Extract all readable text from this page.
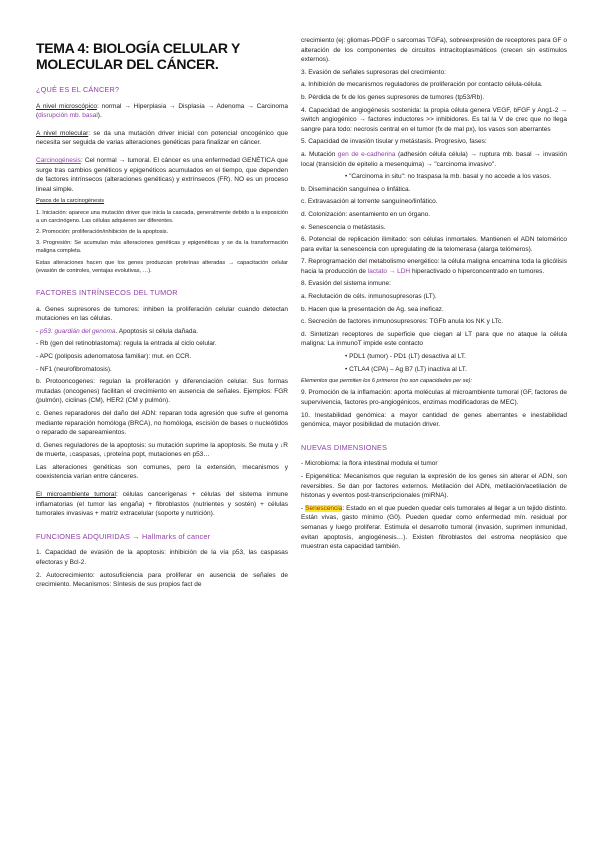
TEMA 4: BIOLOGÍA CELULAR Y
MOLECULAR DEL CÁNCER.
¿QUÉ ES EL CÁNCER?

A nivel microscópico: normal → Hiperplasia → Displasia → Adenoma → Carcinoma (disrupción mb. basal).

A nivel molecular: se da una mutación driver inicial con potencial oncogénico que necesita ser seguida de varias alteraciones genéticas para finalizar en cáncer.

Carcinogénesis: Cel normal → tumoral. El cáncer es una enfermedad GENÉTICA que surge tras cambios genéticos y epigenéticos acumulados en el tiempo, que dependen de factores intrínsecos (alteraciones genéticas) y extrínsecos (FR). NO es un proceso lineal simple.

Pasos de la carcinogénesis

1. Iniciación: aparece una mutación driver que inicia la cascada, generalmente debido a la exposición a un carcinógeno. Las células adquieren ser diferentes.

2. Promoción: proliferación/inhibición de la apoptosis.

3. Progresión: Se acumulan más alteraciones genéticas y epigenéticas y se da la transformación maligna completa.

Estas alteraciones hacen que los genes produzcan proteínas alteradas → capacitación celular (evasión de controles, ventajas evolutivas, …).

FACTORES INTRÍNSECOS DEL TUMOR

a. Genes supresores de tumores: inhiben la proliferación celular cuando detectan mutaciones en las células.

- p53: guardián del genoma. Apoptosis si célula dañada.

- Rb (gen del retinoblastoma): regula la entrada al ciclo celular.

- APC (poliposis adenomatosa familiar): mut. en CCR.

- NF1 (neurofibromatosis).

b. Protooncogenes: regulan la proliferación y diferenciación celular. Sus formas mutadas (oncogenes) facilitan el crecimiento en ausencia de señales. Ejemplos: FGR (pulmón), ciclinas (CM), HER2 (CM y pulmón).

c. Genes reparadores del daño del ADN: reparan toda agresión que sufre el genoma mediante reparación homóloga (BRCA), no homóloga, escisión de bases o nucleótidos o reparado de sapareamientos.

d. Genes reguladores de la apoptosis: su mutación suprime la apoptosis. Se muta y ↓R de muerte, ↓caspasas, ↓proteína popt, mutaciones en p53…

Las alteraciones genéticas son comunes, pero la extensión, mecanismos y coexistencia varían entre cánceres.

El microambiente tumoral: células cancerígenas + células del sistema inmune inflamatorias (el tumor las engaña) + fibroblastos (nutrientes y sostén) + células tumorales invasivas + matriz extracelular (soporte y nutrición).

FUNCIONES ADQUIRIDAS → Hallmarks of cancer

1. Capacidad de evasión de la apoptosis: inhibición de la vía p53, las caspasas efectoras y Bcl-2.

2. Autocrecimiento: autosuficiencia para proliferar en ausencia de señales de crecimiento. Mecanismos: Síntesis de sus propios fact de

crecimiento (ej: gliomas-PDGF o sarcomas TGFa), sobreexpresión de receptores para GF o alteración de los componentes de circuitos intracitoplasmáticos (crecen sin estímulos externos).

3. Evasión de señales supresoras del crecimiento:

a. Inhibición de mecanismos reguladores de proliferación por contacto célula-célula.

b. Pérdida de fx de los genes supresores de tumores (tp53/Rb).

4. Capacidad de angiogénesis sostenida: la propia célula genera VEGF, bFGF y Ang1-2 → switch angiogénico → factores inductores >> inhibidores. Es tal la V de crec que no llega sangre para todo: necrosis central en el tumor (fx de mal px), los vasos son aberrantes

5. Capacidad de invasión tisular y metástasis. Progresivo, fases:

a. Mutación gen de e-cadherina (adhesión célula célula) → ruptura mb. basal → invasión local (transición de epitelio a mesenquima) → "carcinoma invasivo".

• "Carcinoma in situ": no traspasa la mb. basal y no accede a los vasos.

b. Diseminación sanguínea o linfática.

c. Extravasación al torrente sanguíneo/linfático.

d. Colonización: asentamiento en un órgano.

e. Senescencia o metástasis.

6. Potencial de replicación ilimitado: son células inmortales. Mantienen el ADN telomérico para evitar la senescencia con upregulating de la telomerasa (alarga telómeros).

7. Reprogramación del metabolismo energético: la célula maligna encamina toda la glicólisis hacia la producción de lactato → LDH hiperactivado o hiperconcentrado en tumores.

8. Evasión del sistema inmune:

a. Reclutación de céls. inmunosupresoras (LT).

b. Hacen que la presentación de Ag. sea ineficaz.

c. Secreción de factores inmunosupresores: TGFb anula los NK y LTc.

d. Sintetizan receptores de superficie que ciegan al LT para que no ataque la célula maligna: La inmunoT impide este contacto

• PDL1 (tumor) - PD1 (LT) desactiva al LT.

• CTLA4 (CPA) – Ag B7 (LT) inactiva al LT.

Elementos que permiten los 6 primeros (no son capacidades per se):

9. Promoción de la inflamación: aporta moléculas al microambiente tumoral (GF, factores de supervivencia, factores pro-angiogénicos, enzimas modificadoras de MEC).

10. Inestabilidad genómica: a mayor cantidad de genes aberrantes e inestabilidad genómica, mayor posibilidad de mutación driver.

NUEVAS DIMENSIONES

- Microbioma: la flora intestinal modula el tumor

- Epigenética: Mecanismos que regulan la expresión de los genes sin alterar el ADN, son reversibles. Se dan por factores externos. Metilación del ADN, metilación/acetilación de histonas y eventos post-transcripcionales (miRNA).

- Senescencia: Estado en el que pueden quedar cels tumorales al llegar a un tejido distinto. Están vivas, gasto mínimo (G0). Pueden quedar como enfermedad mín. residual por semanas y luego proliferar. Estimula el desarrollo tumoral (invasión, suprimen inmunidad, evitan apoptosis, angiogénesis…). Existen fibroblastos del estroma neoplásico que muestran esta capacidad también.
